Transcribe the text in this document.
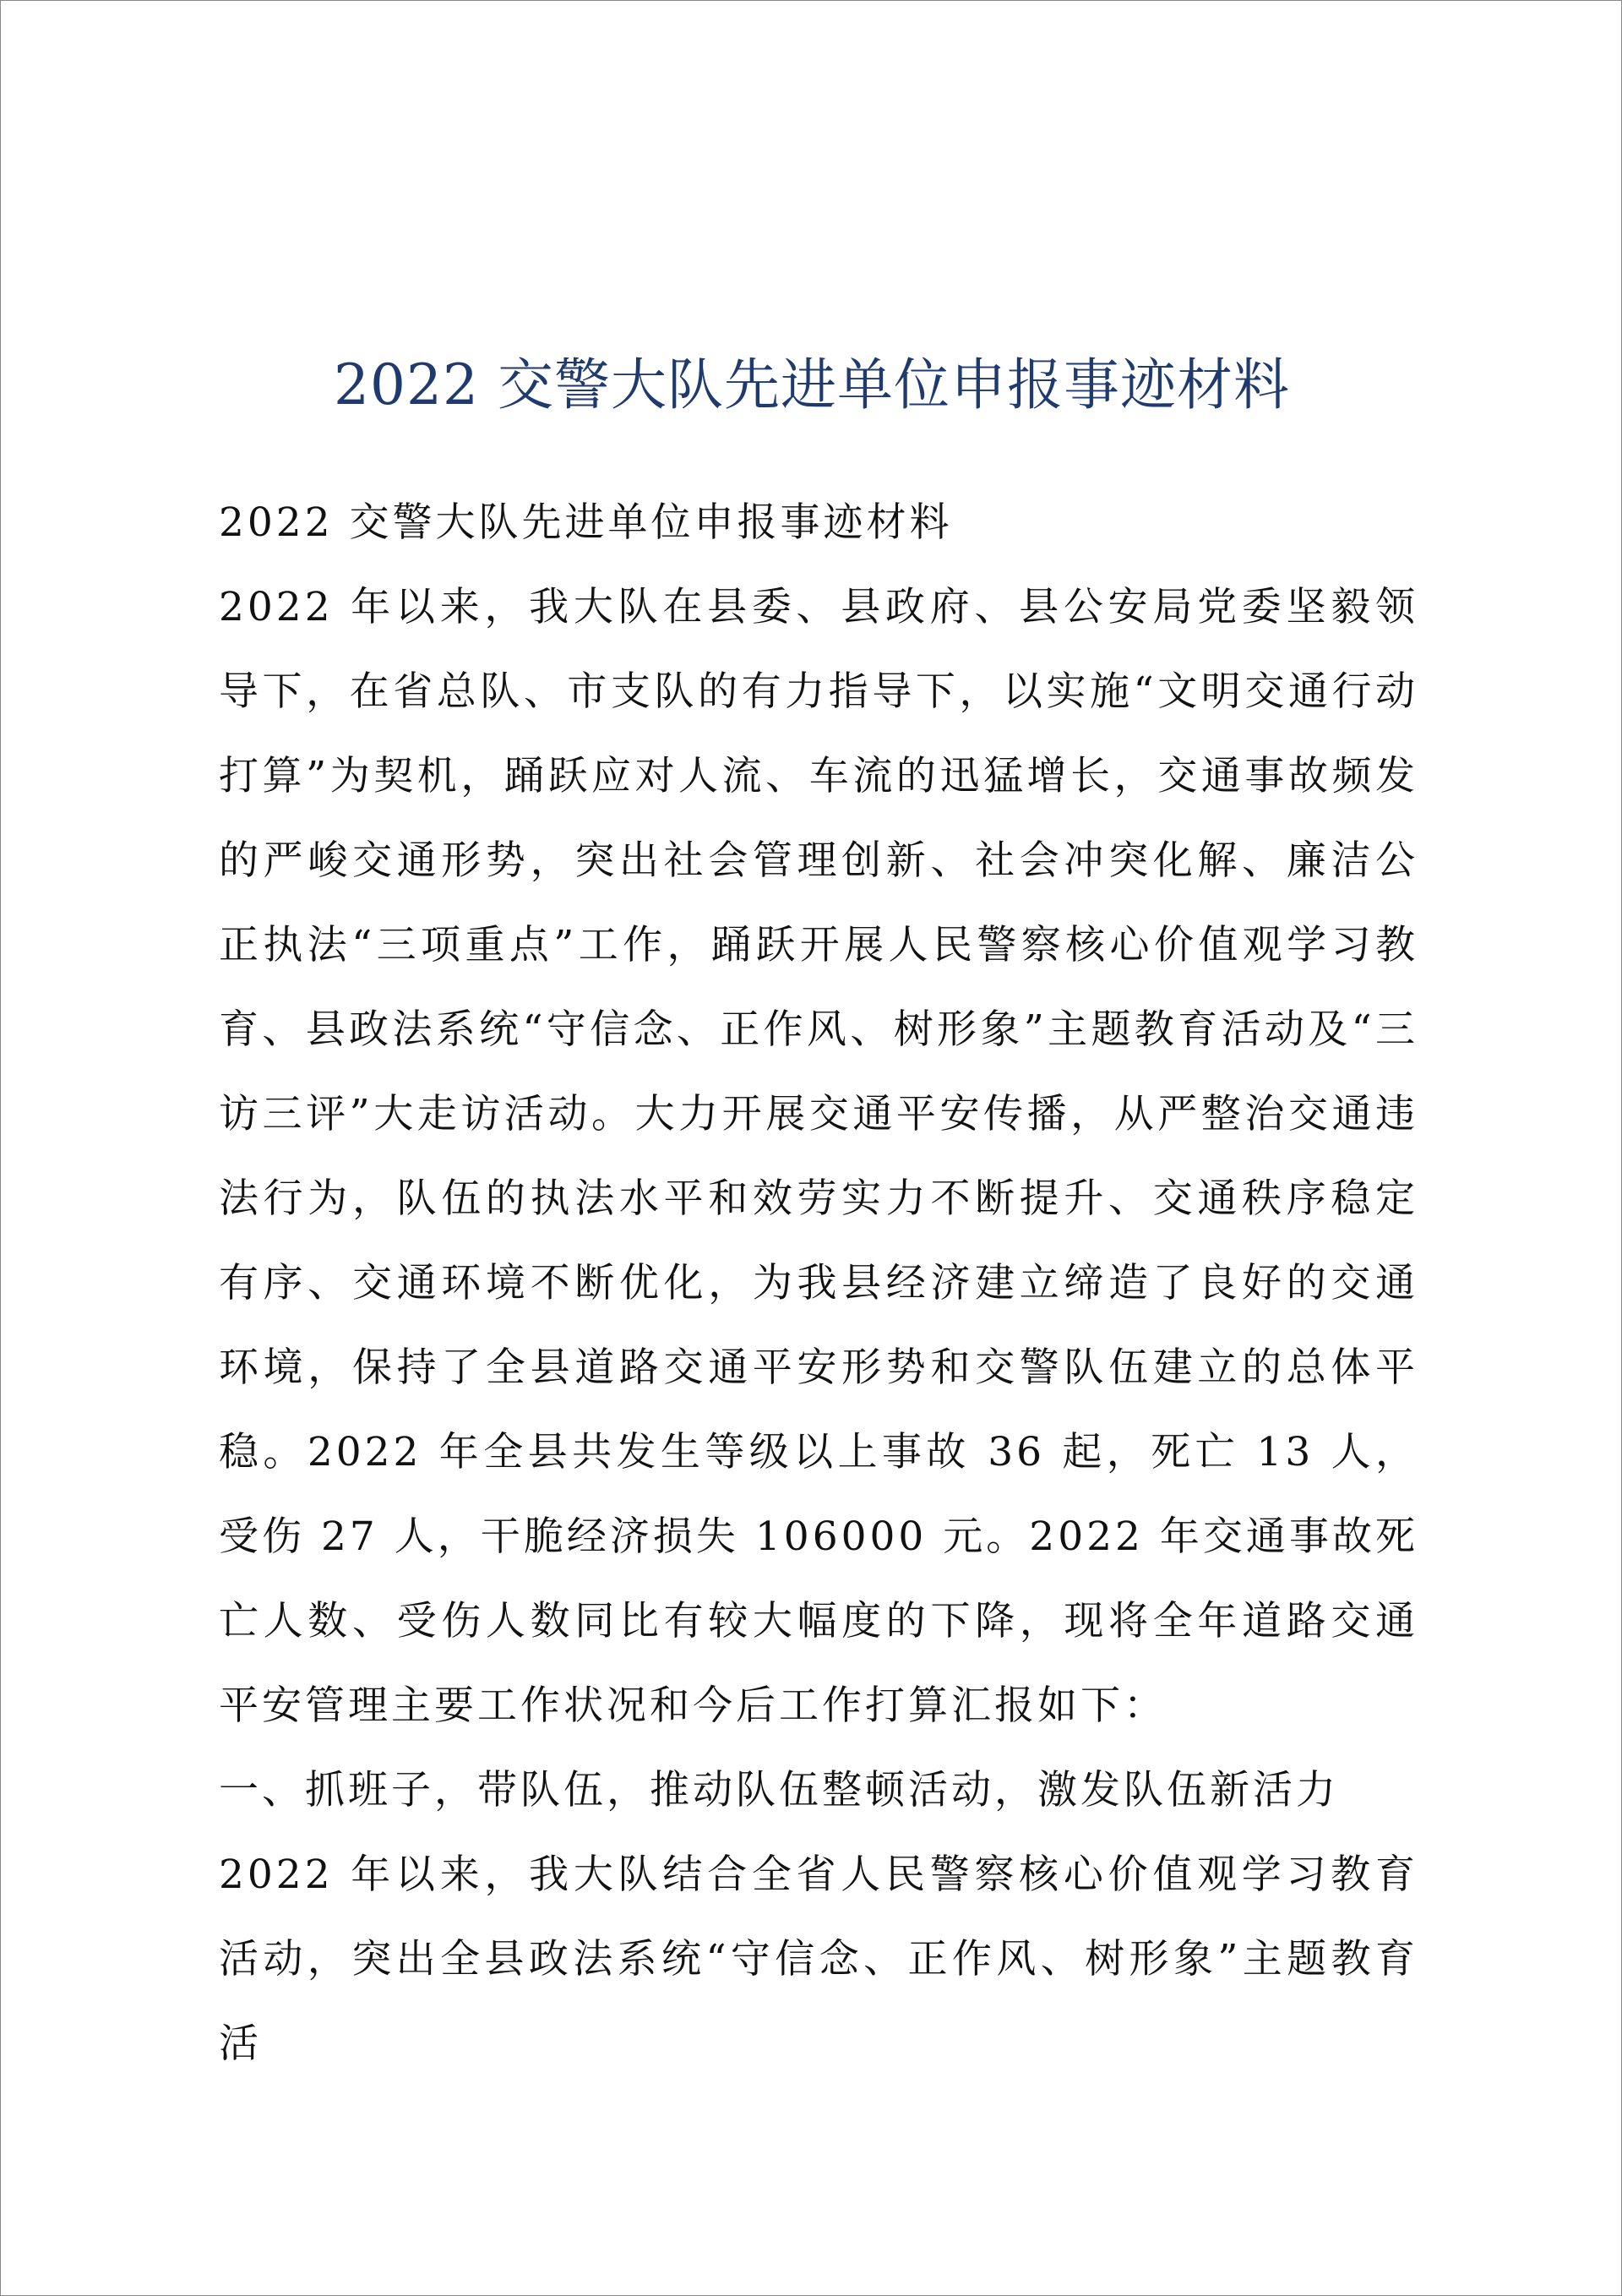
2022 交警大队先进单位申报事迹材料

2022 交警大队先进单位申报事迹材料

2022 年以来，我大队在县委、县政府、县公安局党委坚毅领导下，在省总队、市支队的有力指导下，以实施“文明交通行动打算”为契机，踊跃应对人流、车流的迅猛增长，交通事故频发的严峻交通形势，突出社会管理创新、社会冲突化解、廉洁公正执法“三项重点”工作，踊跃开展人民警察核心价值观学习教育、县政法系统“守信念、正作风、树形象”主题教育活动及“三访三评”大走访活动。大力开展交通平安传播，从严整治交通违法行为，队伍的执法水平和效劳实力不断提升、交通秩序稳定有序、交通环境不断优化，为我县经济建立缔造了良好的交通环境，保持了全县道路交通平安形势和交警队伍建立的总体平稳。2022 年全县共发生等级以上事故 36 起，死亡 13 人，受伤 27 人，干脆经济损失 106000 元。2022 年交通事故死亡人数、受伤人数同比有较大幅度的下降，现将全年道路交通平安管理主要工作状况和今后工作打算汇报如下：

一、抓班子，带队伍，推动队伍整顿活动，激发队伍新活力

2022 年以来，我大队结合全省人民警察核心价值观学习教育活动，突出全县政法系统“守信念、正作风、树形象”主题教育活
